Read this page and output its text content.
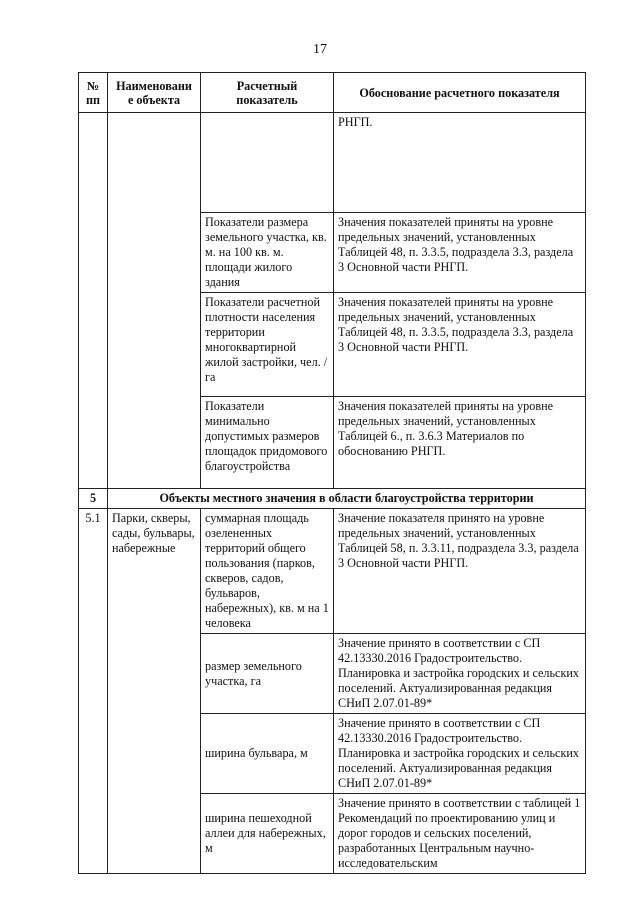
17
№ пп	Наименовани е объекта	Расчетный показатель	Обоснование расчетного показателя
			РНГП.
		Показатели размера земельного участка, кв. м. на 100 кв. м. площади жилого здания	Значения показателей приняты на уровне предельных значений, установленных Таблицей 48, п. 3.3.5, подраздела 3.3, раздела 3 Основной части РНГП.
		Показатели расчетной плотности населения территории многоквартирной жилой застройки, чел. / га	Значения показателей приняты на уровне предельных значений, установленных Таблицей 48, п. 3.3.5, подраздела 3.3, раздела 3 Основной части РНГП.
		Показатели минимально допустимых размеров площадок придомового благоустройства	Значения показателей приняты на уровне предельных значений, установленных Таблицей 6., п. 3.6.3 Материалов по обоснованию РНГП.
5	Объекты местного значения в области благоустройства территории		
5.1	Парки, скверы, сады, бульвары, набережные	суммарная площадь озелененных территорий общего пользования (парков, скверов, садов, бульваров, набережных), кв. м на 1 человека	Значение показателя принято на уровне предельных значений, установленных Таблицей 58, п. 3.3.11, подраздела 3.3, раздела 3 Основной части РНГП.
		размер земельного участка, га	Значение принято в соответствии с СП 42.13330.2016 Градостроительство. Планировка и застройка городских и сельских поселений. Актуализированная редакция СНиП 2.07.01-89*
		ширина бульвара, м	Значение принято в соответствии с СП 42.13330.2016 Градостроительство. Планировка и застройка городских и сельских поселений. Актуализированная редакция СНиП 2.07.01-89*
		ширина пешеходной аллеи для набережных, м	Значение принято в соответствии с таблицей 1 Рекомендаций по проектированию улиц и дорог городов и сельских поселений, разработанных Центральным научно-исследовательским
